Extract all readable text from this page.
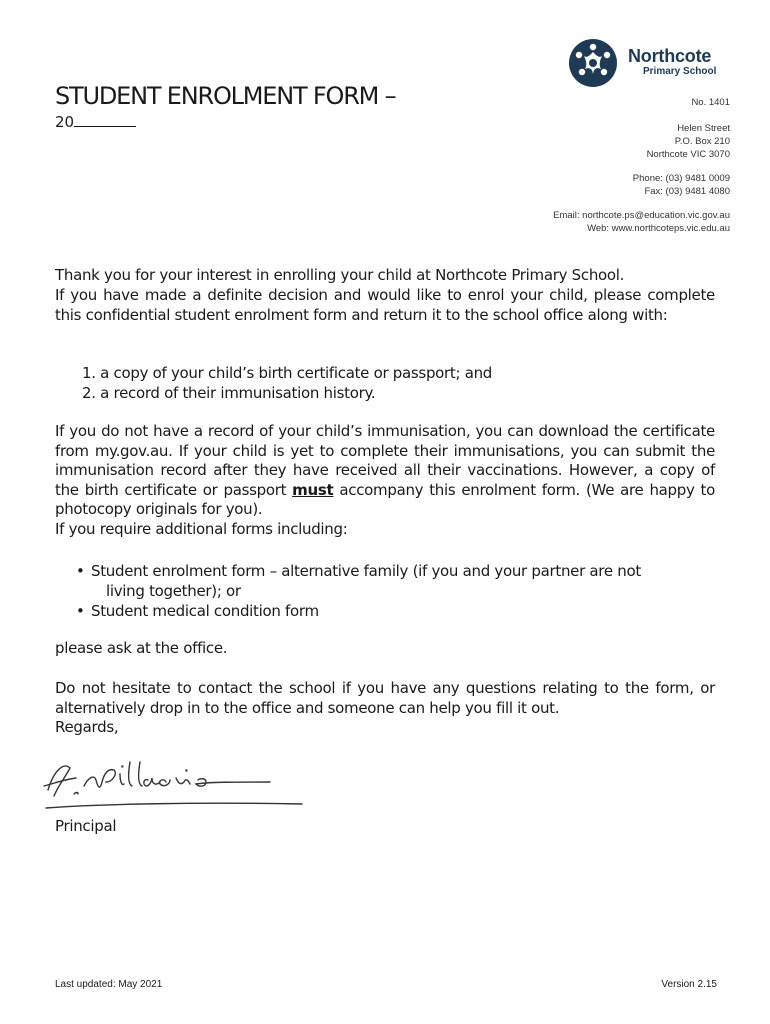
Northcote
Primary School
STUDENT ENROLMENT FORM –
20
No. 1401
Helen Street
P.O. Box 210
Northcote VIC 3070
Phone: (03) 9481 0009
Fax: (03) 9481 4080
Email: northcote.ps@education.vic.gov.au
Web: www.northcoteps.vic.edu.au
Thank you for your interest in enrolling your child at Northcote Primary School.
If you have made a definite decision and would like to enrol your child, please complete this confidential student enrolment form and return it to the school office along with:
1. a copy of your child’s birth certificate or passport; and
2. a record of their immunisation history.
If you do not have a record of your child’s immunisation, you can download the certificate from my.gov.au. If your child is yet to complete their immunisations, you can submit the immunisation record after they have received all their vaccinations. However, a copy of the birth certificate or passport must accompany this enrolment form. (We are happy to photocopy originals for you).
If you require additional forms including:
• Student enrolment form – alternative family (if you and your partner are not
living together); or
• Student medical condition form
please ask at the office.
Do not hesitate to contact the school if you have any questions relating to the form, or alternatively drop in to the office and someone can help you fill it out.
Regards,
Principal
Last updated: May 2021	Version 2.15
